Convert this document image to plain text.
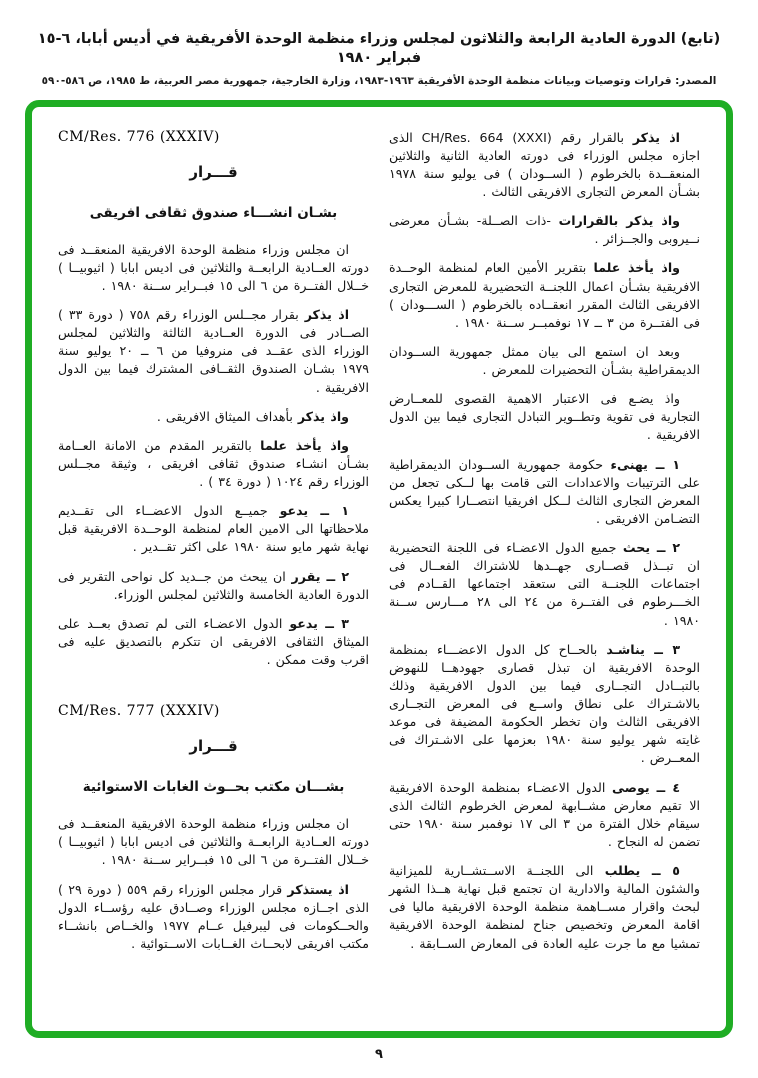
(تابع) الدورة العادية الرابعة والثلاثون لمجلس وزراء منظمة الوحدة الأفريقية في أديس أبابا، ٦-١٥ فبراير ١٩٨٠
المصدر: قرارات وتوصيات وبيانات منظمة الوحدة الأفريقية ١٩٦٣-١٩٨٣، وزارة الخارجية، جمهورية مصر العربية، ط ١٩٨٥، ص ٥٨٦-٥٩٠

اذ يذكر بالقرار رقم CH/Res. 664 (XXXI) الذى اجازه مجلس الوزراء فى دورته العادية الثانية والثلاثين المنعقــدة بالخرطوم ( الســودان ) فى يوليو سنة ١٩٧٨ بشـأن المعرض التجارى الافريقى الثالث .

واذ يذكر بالقرارات -ذات الصــلة- بشـأن معرضى نــيروبى والجــزائر .

واذ يأخذ علما بتقرير الأمين العام لمنظمة الوحــدة الافريقية بشـأن اعمال اللجنــة التحضيرية للمعرض التجارى الافريقى الثالث المقرر انعقــاده بالخرطوم ( الســـودان ) فى الفتــرة من ٣ ــ ١٧ نوفمبــر ســنة ١٩٨٠ .

وبعد ان استمع الى بيان ممثل جمهورية الســودان الديمقراطية بشـأن التحضيرات للمعرض .

واذ يضـع فى الاعتبار الاهمية القصوى للمعــارض التجارية فى تقوية وتطــوير التبادل التجارى فيما بين الدول الافريقية .

١ ــ يهنىء حكومة جمهورية الســودان الديمقراطية على الترتيبات والاعدادات التى قامت بها لــكى تجعل من المعرض التجارى الثالث لــكل افريقيا انتصــارا كبيرا يعكس التضـامن الافريقى .

٢ ــ يحث جميع الدول الاعضـاء فى اللجنة التحضيرية ان تبــذل قصــارى جهــدها للاشتراك الفعــال فى اجتماعات اللجنــة التى ستعقد اجتماعها القــادم فى الخـــرطوم فى الفتــرة من ٢٤ الى ٢٨ مـــارس ســنة ١٩٨٠ .

٣ ــ يناشـد بالحــاح كل الدول الاعضـــاء بمنظمة الوحدة الافريقية ان تبذل قصارى جهودهــا للنهوض بالتبــادل التجــارى فيما بين الدول الافريقية وذلك بالاشـتراك على نطاق واســع فى المعرض التجــارى الافريقى الثالث وان تخطر الحكومة المضيفة فى موعد غايته شهر يوليو سنة ١٩٨٠ بعزمها على الاشـتراك فى المعــرض .

٤ ــ يوصى الدول الاعضـاء بمنظمة الوحدة الافريقية الا تقيم معارض مشــابهة لمعرض الخرطوم الثالث الذى سيقام خلال الفترة من ٣ الى ١٧ نوفمبر سنة ١٩٨٠ حتى تضمن له النجاح .

٥ ــ يطلب الى اللجنــة الاســتشــارية للميزانية والشئون المالية والادارية ان تجتمع قبل نهاية هــذا الشهر لبحث واقرار مســاهمة منظمة الوحدة الافريقية ماليا فى اقامة المعرض وتخصيص جناح لمنظمة الوحدة الافريقية تمشيا مع ما جرت عليه العادة فى المعارض الســابقة .

CM/Res. 776 (XXXIV)
قـــرار
بشـان انشـــاء صندوق ثقافى افريقى

ان مجلس وزراء منظمة الوحدة الافريقية المنعقــد فى دورته العــادية الرابعــة والثلاثين فى اديس ابابا ( اثيوبيــا ) خــلال الفتــرة من ٦ الى ١٥ فبــراير ســنة ١٩٨٠ .

اذ يذكر بقرار مجــلس الوزراء رقم ٧٥٨ ( دورة ٣٣ ) الصــادر فى الدورة العــادية الثالثة والثلاثين لمجلس الوزراء الذى عقــد فى منروفيا من ٦ ــ ٢٠ يوليو سنة ١٩٧٩ بشـان الصندوق الثقــافى المشترك فيما بين الدول الافريقية .

واذ يذكر بأهداف الميثاق الافريقى .

واذ يأخذ علما بالتقرير المقدم من الامانة العــامة بشـأن انشـاء صندوق ثقافى افريقى ، وثيقة مجــلس الوزراء رقم ١٠٢٤ ( دورة ٣٤ ) .

١ ــ يدعو جميــع الدول الاعضــاء الى تقــديم ملاحظاتها الى الامين العام لمنظمة الوحــدة الافريقية قبل نهاية شهر مايو سنة ١٩٨٠ على اكثر تقــدير .

٢ ــ يقرر ان يبحث من جــديد كل نواحى التقرير فى الدورة العادية الخامسة والثلاثين لمجلس الوزراء.

٣ ــ يدعو الدول الاعضـاء التى لم تصدق بعــد على الميثاق الثقافى الافريقى ان تتكرم بالتصديق عليه فى اقرب وقت ممكن .

CM/Res. 777 (XXXIV)
قـــرار
بشـــان مكتب بحــوث الغابات الاستوائية

ان مجلس وزراء منظمة الوحدة الافريقية المنعقــد فى دورته العــادية الرابعــة والثلاثين فى اديس ابابا ( اثيوبيــا ) خــلال الفتــرة من ٦ الى ١٥ فبــراير ســنة ١٩٨٠ .

اذ يستذكر قرار مجلس الوزراء رقم ٥٥٩ ( دورة ٢٩ ) الذى اجــازه مجلس الوزراء وصــادق عليه رؤســاء الدول والحــكومات فى ليبرفيل عــام ١٩٧٧ والخــاص بانشــاء مكتب افريقى لابحــاث الغــابات الاســتوائية .

٩
